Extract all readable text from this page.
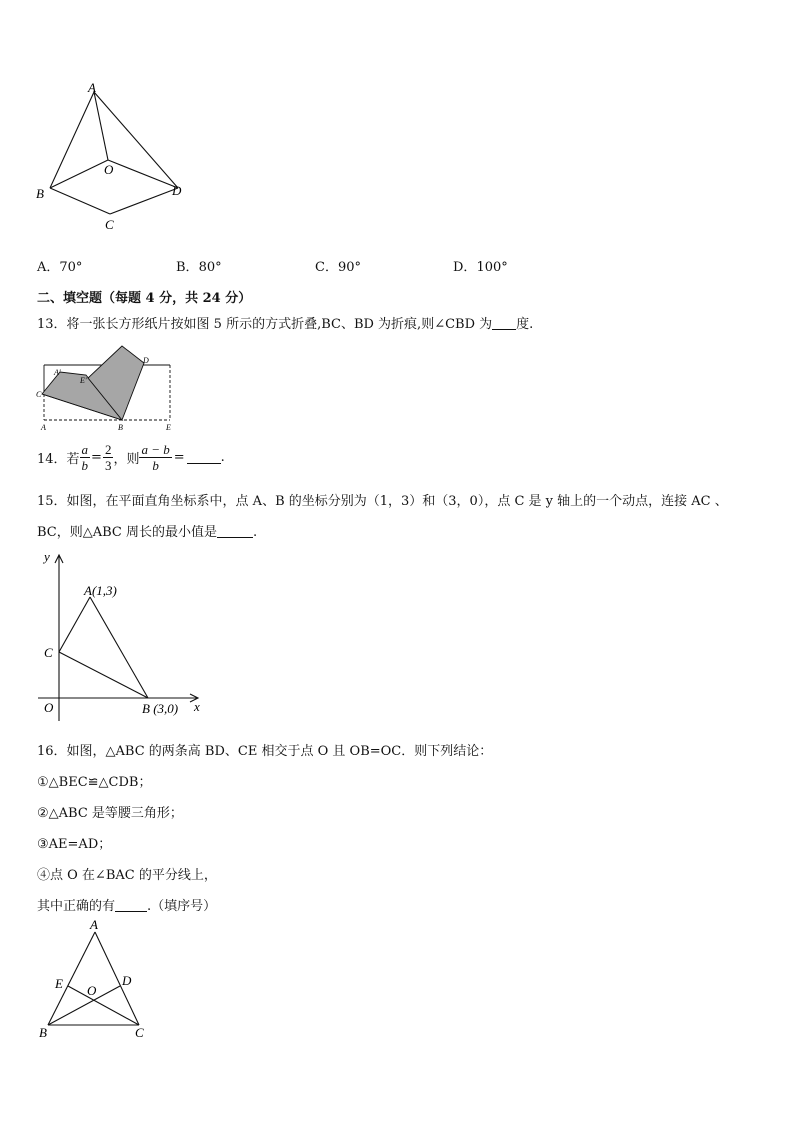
A
O
B	D
C
A．70°	B．80°	C．90°	D．100°
二、填空题（每题 4 分，共 24 分）
13．将一张长方形纸片按如图 5 所示的方式折叠,BC、BD 为折痕,则∠CBD 为 度.
A'
E'
D
C
A	B	E
14．若 $\frac{a}{b} = \frac{2}{3}$ ，则 $\frac{a - b}{b}$ =	.
15．如图，在平面直角坐标系中，点 A、B 的坐标分别为（1，3）和（3，0），点 C 是 y 轴上的一个动点，连接 AC 、
BC，则△ABC 周长的最小值是	.
y
x
A(1,3)
C
O	B (3,0)
16．如图，△ABC 的两条高 BD、CE 相交于点 O 且 OB=OC．则下列结论：
①△BEC≌△CDB；
②△ABC 是等腰三角形；
③AE=AD；
④点 O 在∠BAC 的平分线上，
其中正确的有 .（填序号）
A
E	D
O
B	C
